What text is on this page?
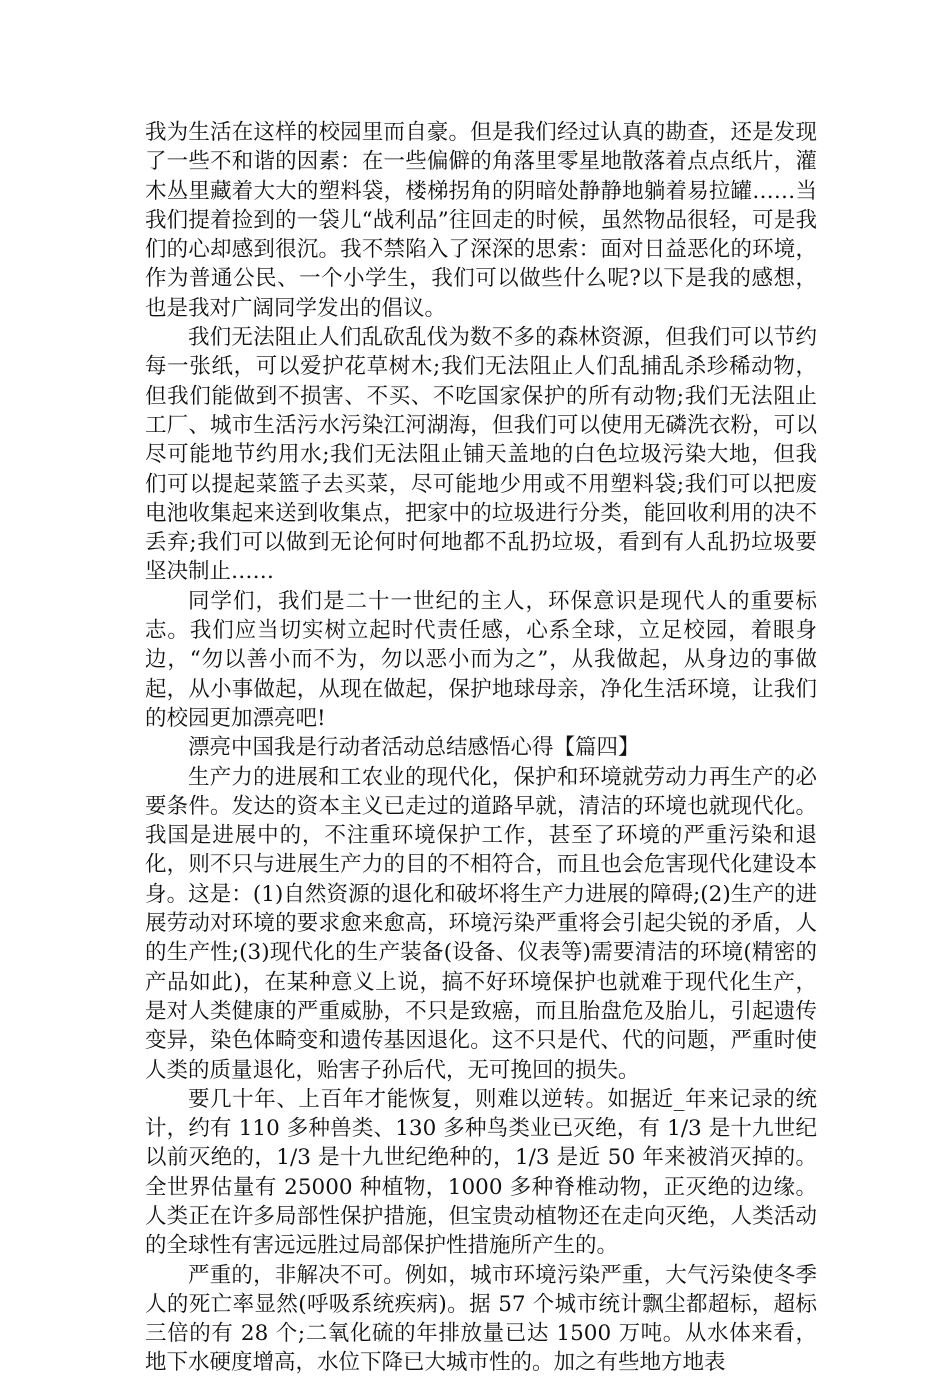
我为生活在这样的校园里而自豪。但是我们经过认真的勘查，还是发现了一些不和谐的因素：在一些偏僻的角落里零星地散落着点点纸片，灌木丛里藏着大大的塑料袋，楼梯拐角的阴暗处静静地躺着易拉罐……当我们提着捡到的一袋儿“战利品”往回走的时候，虽然物品很轻，可是我们的心却感到很沉。我不禁陷入了深深的思索：面对日益恶化的环境，作为普通公民、一个小学生，我们可以做些什么呢?以下是我的感想，也是我对广阔同学发出的倡议。

我们无法阻止人们乱砍乱伐为数不多的森林资源，但我们可以节约每一张纸，可以爱护花草树木;我们无法阻止人们乱捕乱杀珍稀动物，但我们能做到不损害、不买、不吃国家保护的所有动物;我们无法阻止工厂、城市生活污水污染江河湖海，但我们可以使用无磷洗衣粉，可以尽可能地节约用水;我们无法阻止铺天盖地的白色垃圾污染大地，但我们可以提起菜篮子去买菜，尽可能地少用或不用塑料袋;我们可以把废电池收集起来送到收集点，把家中的垃圾进行分类，能回收利用的决不丢弃;我们可以做到无论何时何地都不乱扔垃圾，看到有人乱扔垃圾要坚决制止……

同学们，我们是二十一世纪的主人，环保意识是现代人的重要标志。我们应当切实树立起时代责任感，心系全球，立足校园，着眼身边，“勿以善小而不为，勿以恶小而为之”，从我做起，从身边的事做起，从小事做起，从现在做起，保护地球母亲，净化生活环境，让我们的校园更加漂亮吧!

漂亮中国我是行动者活动总结感悟心得【篇四】

生产力的进展和工农业的现代化，保护和环境就劳动力再生产的必要条件。发达的资本主义已走过的道路早就，清洁的环境也就现代化。我国是进展中的，不注重环境保护工作，甚至了环境的严重污染和退化，则不只与进展生产力的目的不相符合，而且也会危害现代化建设本身。这是：(1)自然资源的退化和破坏将生产力进展的障碍;(2)生产的进展劳动对环境的要求愈来愈高，环境污染严重将会引起尖锐的矛盾，人的生产性;(3)现代化的生产装备(设备、仪表等)需要清洁的环境(精密的产品如此)，在某种意义上说，搞不好环境保护也就难于现代化生产，是对人类健康的严重威胁，不只是致癌，而且胎盘危及胎儿，引起遗传变异，染色体畸变和遗传基因退化。这不只是代、代的问题，严重时使人类的质量退化，贻害子孙后代，无可挽回的损失。

要几十年、上百年才能恢复，则难以逆转。如据近_年来记录的统计，约有 110 多种兽类、130 多种鸟类业已灭绝，有 1/3 是十九世纪以前灭绝的，1/3 是十九世纪绝种的，1/3 是近 50 年来被消灭掉的。全世界估量有 25000 种植物，1000 多种脊椎动物，正灭绝的边缘。人类正在许多局部性保护措施，但宝贵动植物还在走向灭绝，人类活动的全球性有害远远胜过局部保护性措施所产生的。

严重的，非解决不可。例如，城市环境污染严重，大气污染使冬季人的死亡率显然(呼吸系统疾病)。据 57 个城市统计飘尘都超标，超标三倍的有 28 个;二氧化硫的年排放量已达 1500 万吨。从水体来看，地下水硬度增高，水位下降已大城市性的。加之有些地方地表
